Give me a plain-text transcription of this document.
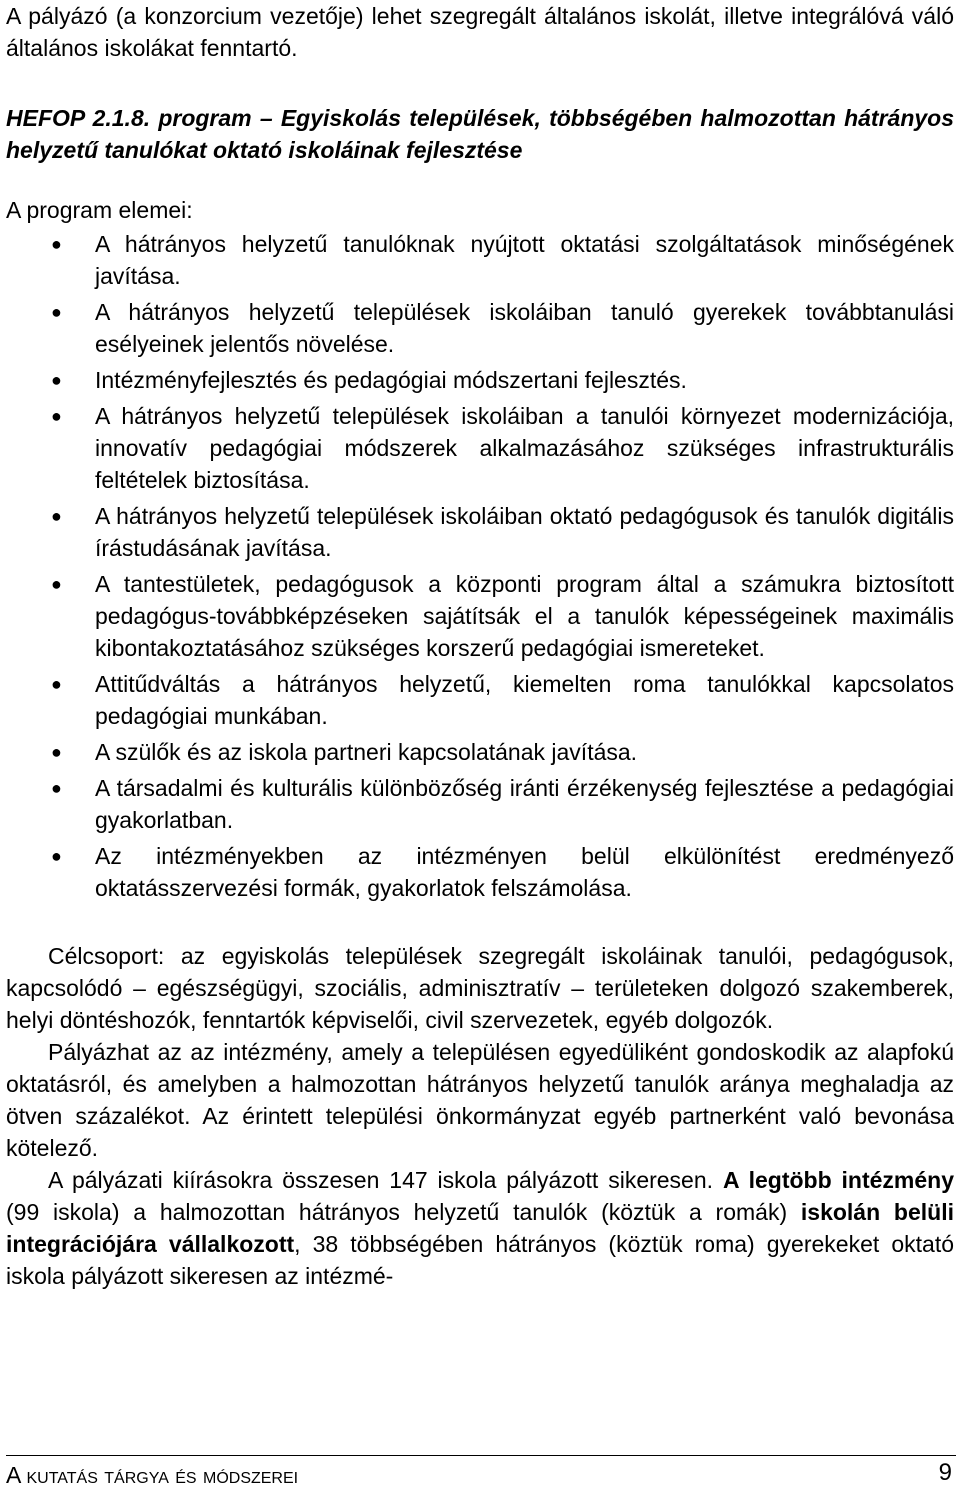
A pályázó (a konzorcium vezetője) lehet szegregált általános iskolát, illetve integrálóvá váló általános iskolákat fenntartó.

HEFOP 2.1.8. program – Egyiskolás települések, többségében halmozottan hátrányos helyzetű tanulókat oktató iskoláinak fejlesztése

A program elemei:

● A hátrányos helyzetű tanulóknak nyújtott oktatási szolgáltatások minőségének javítása.
● A hátrányos helyzetű települések iskoláiban tanuló gyerekek továbbtanulási esélyeinek jelentős növelése.
● Intézményfejlesztés és pedagógiai módszertani fejlesztés.
● A hátrányos helyzetű települések iskoláiban a tanulói környezet modernizációja, innovatív pedagógiai módszerek alkalmazásához szükséges infrastrukturális feltételek biztosítása.
● A hátrányos helyzetű települések iskoláiban oktató pedagógusok és tanulók digitális írástudásának javítása.
● A tantestületek, pedagógusok a központi program által a számukra biztosított pedagógus-továbbképzéseken sajátítsák el a tanulók képességeinek maximális kibontakoztatásához szükséges korszerű pedagógiai ismereteket.
● Attitűdváltás a hátrányos helyzetű, kiemelten roma tanulókkal kapcsolatos pedagógiai munkában.
● A szülők és az iskola partneri kapcsolatának javítása.
● A társadalmi és kulturális különbözőség iránti érzékenység fejlesztése a pedagógiai gyakorlatban.
● Az intézményekben az intézményen belül elkülönítést eredményező oktatásszervezési formák, gyakorlatok felszámolása.

Célcsoport: az egyiskolás települések szegregált iskoláinak tanulói, pedagógusok, kapcsolódó – egészségügyi, szociális, adminisztratív – területeken dolgozó szakemberek, helyi döntéshozók, fenntartók képviselői, civil szervezetek, egyéb dolgozók.

Pályázhat az az intézmény, amely a településen egyedüliként gondoskodik az alapfokú oktatásról, és amelyben a halmozottan hátrányos helyzetű tanulók aránya meghaladja az ötven százalékot. Az érintett települési önkormányzat egyéb partnerként való bevonása kötelező.

A pályázati kiírásokra összesen 147 iskola pályázott sikeresen. A legtöbb intézmény (99 iskola) a halmozottan hátrányos helyzetű tanulók (köztük a romák) iskolán belüli integrációjára vállalkozott, 38 többségében hátrányos (köztük roma) gyerekeket oktató iskola pályázott sikeresen az intézmé-

A kutatás tárgya és módszerei	9
